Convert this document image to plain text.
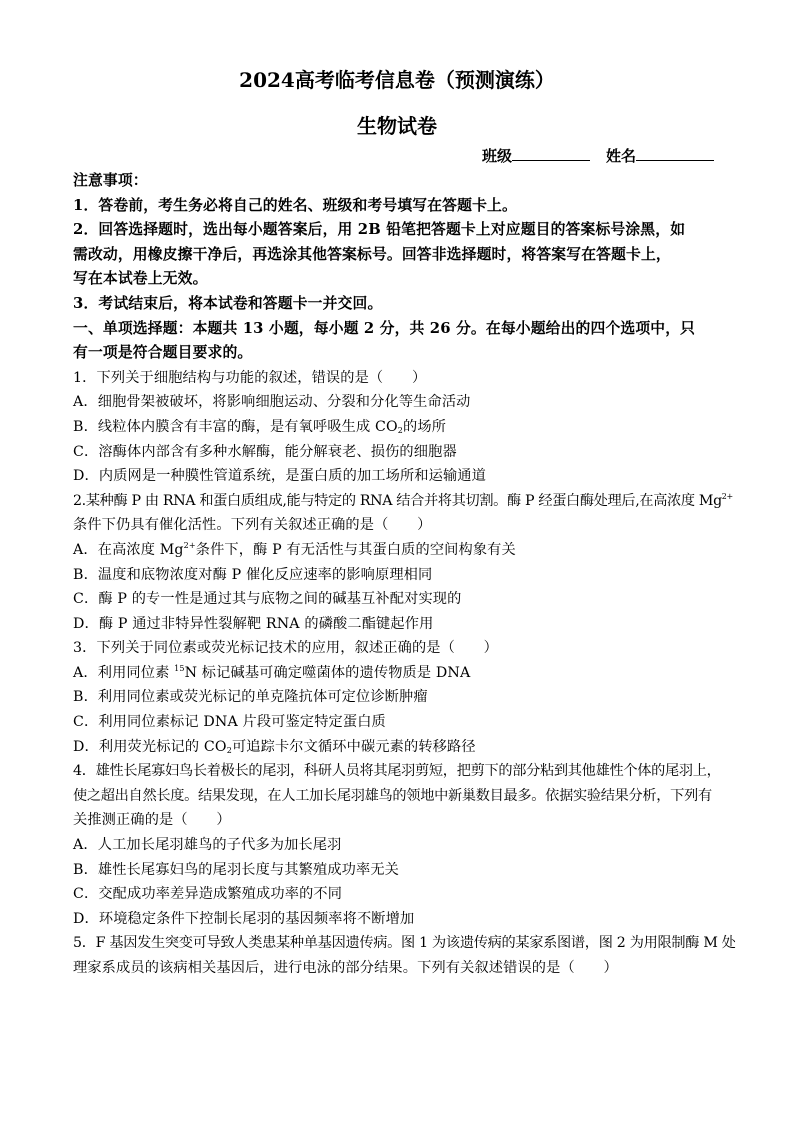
2024高考临考信息卷（预测演练）
生物试卷
班级	姓名
注意事项：
1．答卷前，考生务必将自己的姓名、班级和考号填写在答题卡上。
2．回答选择题时，选出每小题答案后，用 2B 铅笔把答题卡上对应题目的答案标号涂黑，如
需改动，用橡皮擦干净后，再选涂其他答案标号。回答非选择题时，将答案写在答题卡上，
写在本试卷上无效。
3．考试结束后，将本试卷和答题卡一并交回。
一、单项选择题：本题共 13 小题，每小题 2 分，共 26 分。在每小题给出的四个选项中，只
有一项是符合题目要求的。
1．下列关于细胞结构与功能的叙述，错误的是（　　）
A．细胞骨架被破坏，将影响细胞运动、分裂和分化等生命活动
B．线粒体内膜含有丰富的酶，是有氧呼吸生成 $CO_2$的场所
C．溶酶体内部含有多种水解酶，能分解衰老、损伤的细胞器
D．内质网是一种膜性管道系统，是蛋白质的加工场所和运输通道
2.某种酶 P 由 RNA 和蛋白质组成,能与特定的 RNA 结合并将其切割。酶 P 经蛋白酶处理后,在高浓度 $Mg^{2+}$
条件下仍具有催化活性。下列有关叙述正确的是（　　）
A．在高浓度 $Mg^{2+}$条件下，酶 P 有无活性与其蛋白质的空间构象有关
B．温度和底物浓度对酶 P 催化反应速率的影响原理相同
C．酶 P 的专一性是通过其与底物之间的碱基互补配对实现的
D．酶 P 通过非特异性裂解靶 RNA 的磷酸二酯键起作用
3．下列关于同位素或荧光标记技术的应用，叙述正确的是（　　）
A．利用同位素 $^{15}$N 标记碱基可确定噬菌体的遗传物质是 DNA
B．利用同位素或荧光标记的单克隆抗体可定位诊断肿瘤
C．利用同位素标记 DNA 片段可鉴定特定蛋白质
D．利用荧光标记的 $CO_2$可追踪卡尔文循环中碳元素的转移路径
4．雄性长尾寡妇鸟长着极长的尾羽，科研人员将其尾羽剪短，把剪下的部分粘到其他雄性个体的尾羽上，
使之超出自然长度。结果发现，在人工加长尾羽雄鸟的领地中新巢数目最多。依据实验结果分析，下列有
关推测正确的是（　　）
A．人工加长尾羽雄鸟的子代多为加长尾羽
B．雄性长尾寡妇鸟的尾羽长度与其繁殖成功率无关
C．交配成功率差异造成繁殖成功率的不同
D．环境稳定条件下控制长尾羽的基因频率将不断增加
5．F 基因发生突变可导致人类患某种单基因遗传病。图 1 为该遗传病的某家系图谱，图 2 为用限制酶 M 处
理家系成员的该病相关基因后，进行电泳的部分结果。下列有关叙述错误的是（　　）
